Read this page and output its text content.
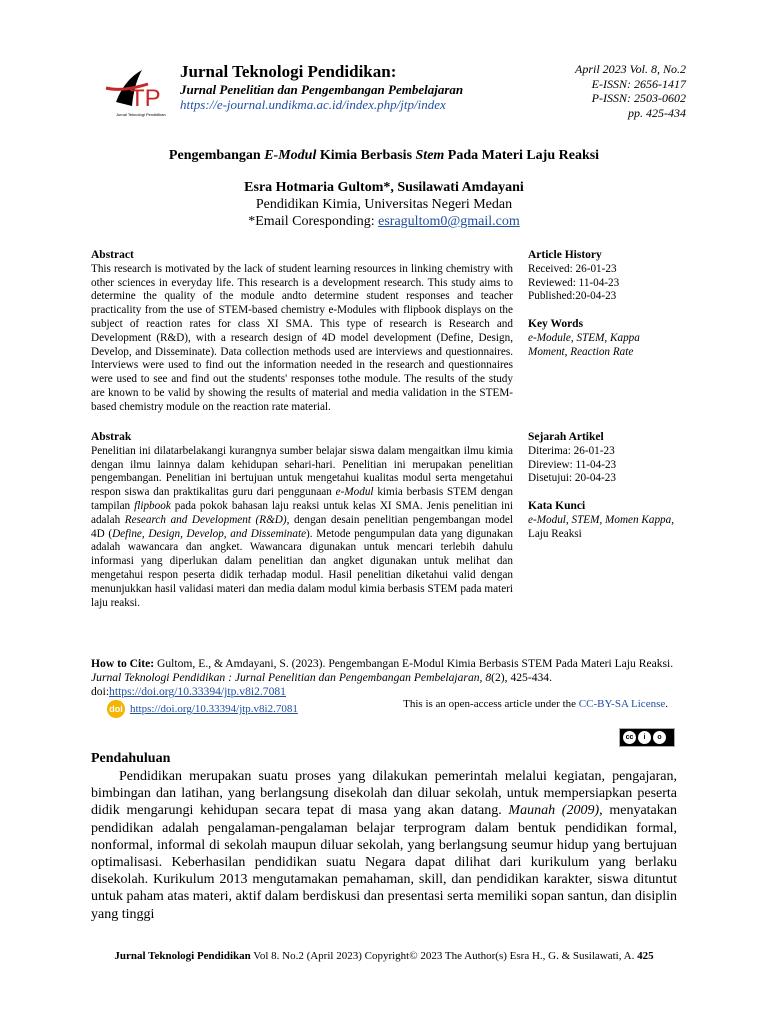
TP
Jurnal Teknologi Pendidikan
Jurnal Teknologi Pendidikan:
Jurnal Penelitian dan Pengembangan Pembelajaran
https://e-journal.undikma.ac.id/index.php/jtp/index
April 2023 Vol. 8, No.2
E-ISSN: 2656-1417
P-ISSN: 2503-0602
pp. 425-434
Pengembangan E-Modul Kimia Berbasis Stem Pada Materi Laju Reaksi
Esra Hotmaria Gultom*, Susilawati Amdayani
Pendidikan Kimia, Universitas Negeri Medan
*Email Coresponding: esragultom0@gmail.com
Abstract
This research is motivated by the lack of student learning resources in linking chemistry with other sciences in everyday life. This research is a development research. This study aims to determine the quality of the module andto determine student responses and teacher practicality from the use of STEM-based chemistry e-Modules with flipbook displays on the subject of reaction rates for class XI SMA. This type of research is Research and Development (R&D), with a research design of 4D model development (Define, Design, Develop, and Disseminate). Data collection methods used are interviews and questionnaires. Interviews were used to find out the information needed in the research and questionnaires were used to see and find out the students' responses tothe module. The results of the study are known to be valid by showing the results of material and media validation in the STEM-based chemistry module on the reaction rate material.
Abstrak
Penelitian ini dilatarbelakangi kurangnya sumber belajar siswa dalam mengaitkan ilmu kimia dengan ilmu lainnya dalam kehidupan sehari-hari. Penelitian ini merupakan penelitian pengembangan. Penelitian ini bertujuan untuk mengetahui kualitas modul serta mengetahui respon siswa dan praktikalitas guru dari penggunaan e-Modul kimia berbasis STEM dengan tampilan flipbook pada pokok bahasan laju reaksi untuk kelas XI SMA. Jenis penelitian ini adalah Research and Development (R&D), dengan desain penelitian pengembangan model 4D (Define, Design, Develop, and Disseminate). Metode pengumpulan data yang digunakan adalah wawancara dan angket. Wawancara digunakan untuk mencari terlebih dahulu informasi yang diperlukan dalam penelitian dan angket digunakan untuk melihat dan mengetahui respon peserta didik terhadap modul. Hasil penelitian diketahui valid dengan menunjukkan hasil validasi materi dan media dalam modul kimia berbasis STEM pada materi laju reaksi.
Article History
Received: 26-01-23
Reviewed: 11-04-23
Published:20-04-23
Key Words
e-Module, STEM, Kappa Moment, Reaction Rate
Sejarah Artikel
Diterima: 26-01-23
Direview: 11-04-23
Disetujui: 20-04-23
Kata Kunci
e-Modul, STEM, Momen Kappa, Laju Reaksi
How to Cite: Gultom, E., & Amdayani, S. (2023). Pengembangan E-Modul Kimia Berbasis STEM Pada Materi Laju Reaksi. Jurnal Teknologi Pendidikan : Jurnal Penelitian dan Pengembangan Pembelajaran, 8(2), 425-434. doi:https://doi.org/10.33394/jtp.v8i2.7081
doi https://doi.org/10.33394/jtp.v8i2.7081	This is an open-access article under the CC-BY-SA License.
cc	i	o
Pendahuluan
Pendidikan merupakan suatu proses yang dilakukan pemerintah melalui kegiatan, pengajaran, bimbingan dan latihan, yang berlangsung disekolah dan diluar sekolah, untuk mempersiapkan peserta didik mengarungi kehidupan secara tepat di masa yang akan datang. Maunah (2009), menyatakan pendidikan adalah pengalaman-pengalaman belajar terprogram dalam bentuk pendidikan formal, nonformal, informal di sekolah maupun diluar sekolah, yang berlangsung seumur hidup yang bertujuan optimalisasi. Keberhasilan pendidikan suatu Negara dapat dilihat dari kurikulum yang berlaku disekolah. Kurikulum 2013 mengutamakan pemahaman, skill, dan pendidikan karakter, siswa dituntut untuk paham atas materi, aktif dalam berdiskusi dan presentasi serta memiliki sopan santun, dan disiplin yang tinggi
Jurnal Teknologi Pendidikan Vol 8. No.2 (April 2023) Copyright© 2023 The Author(s) Esra H., G. & Susilawati, A. 425
